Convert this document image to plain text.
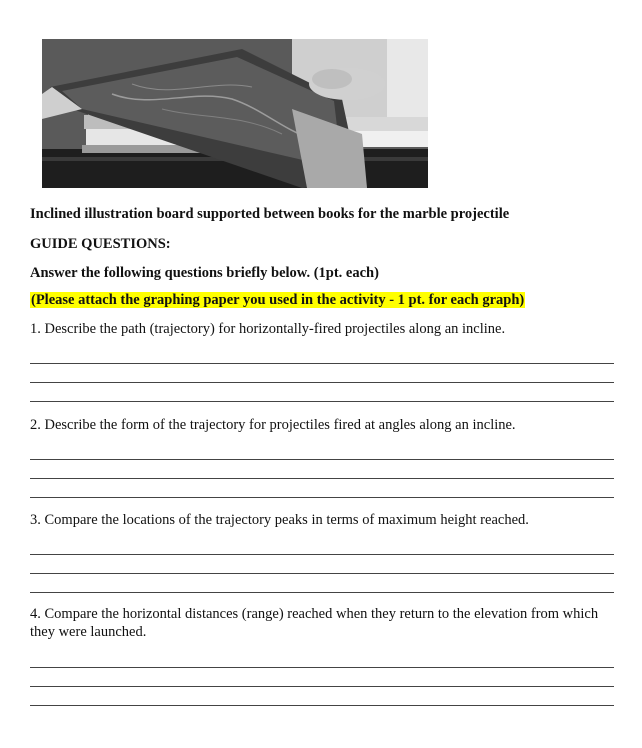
Inclined illustration board supported between books for the marble projectile
GUIDE QUESTIONS:
Answer the following questions briefly below. (1pt. each)
(Please attach the graphing paper you used in the activity - 1 pt. for each graph)
1. Describe the path (trajectory) for horizontally-fired projectiles along an incline.
2. Describe the form of the trajectory for projectiles fired at angles along an incline.
3. Compare the locations of the trajectory peaks in terms of maximum height reached.
4. Compare the horizontal distances (range) reached when they return to the elevation from which they were launched.
